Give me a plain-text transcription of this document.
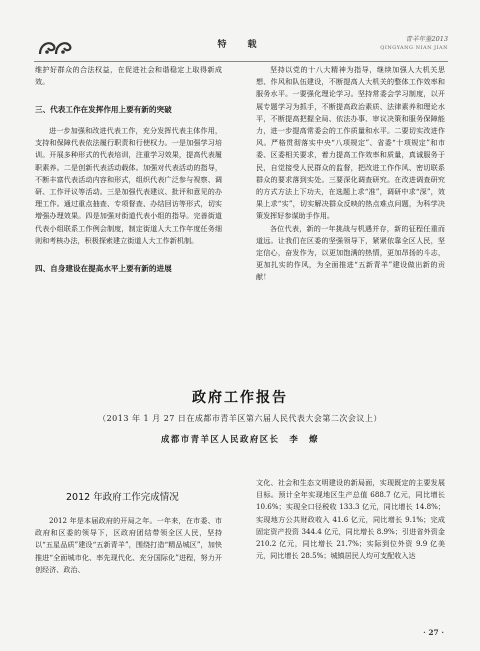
特　载
青羊年鉴2013
QINGYANG NIAN JIAN

维护好群众的合法权益，在促进社会和谐稳定上取得新成效。

三、代表工作在发挥作用上要有新的突破

进一步加强和改进代表工作，充分发挥代表主体作用，支持和保障代表依法履行职责和行使权力。一是加强学习培训。开展多种形式的代表培训，注重学习效果，提高代表履职素养。二是创新代表活动载体。加强对代表活动的指导，不断丰富代表活动内容和形式，组织代表广泛参与视察、调研、工作评议等活动。三是加强代表建议、批评和意见的办理工作。通过重点抽查、专项督查、办结回访等形式，切实增强办理效果。四是加强对街道代表小组的指导。完善街道代表小组联系工作例会制度，制定街道人大工作年度任务细则和考核办法，积极探索建立街道人大工作新机制。

四、自身建设在提高水平上要有新的进展

坚持以党的十八大精神为指导，继续加强人大机关思想、作风和队伍建设，不断提高人大机关的整体工作效率和服务水平。一要强化理论学习。坚持常委会学习制度，以开展专题学习为抓手，不断提高政治素质、法律素养和理论水平，不断提高把握全局、依法办事、审议决策和服务保障能力，进一步提高常委会的工作质量和水平。二要切实改进作风。严格贯彻落实中央“八项规定”、省委“十项规定”和市委、区委相关要求，着力提高工作效率和质量，真诚服务于民，自觉接受人民群众的监督，把改进工作作风、密切联系群众的要求落到实处。三要深化调查研究。在改进调查研究的方式方法上下功夫，在选题上求“准”，调研中求“深”，效果上求“实”，切实解决群众反映的热点难点问题，为科学决策发挥好参谋助手作用。

各位代表，新的一年挑战与机遇并存，新的征程任重而道远。让我们在区委的坚强领导下，紧紧依靠全区人民，坚定信心，奋发作为，以更加饱满的热情，更加昂扬的斗志，更加扎实的作风，为全面推进“五新青羊”建设做出新的贡献！

政府工作报告
（2013 年 1 月 27 日在成都市青羊区第六届人民代表大会第二次会议上）
成都市青羊区人民政府区长　李　燎
2012 年政府工作完成情况

2012 年是本届政府的开局之年。一年来，在市委、市政府和区委的领导下，区政府团结带领全区人民，坚持以“五星品质”建设“五新青羊”，围绕打造“精品城区”，加快推进“全面城市化、率先现代化、充分国际化”进程，努力开创经济、政治、

文化、社会和生态文明建设的新局面，实现既定的主要发展目标。预计全年实现地区生产总值 688.7 亿元，同比增长 10.6%；实现全口径税收 133.3 亿元，同比增长 14.8%；实现地方公共财政收入 41.6 亿元，同比增长 9.1%；完成固定资产投资 344.4 亿元，同比增长 8.9%；引进省外资金 210.2 亿元，同比增长 21.7%；实际到位外资 9.9 亿美元，同比增长 28.5%；城镇居民人均可支配收入达

· 27 ·
